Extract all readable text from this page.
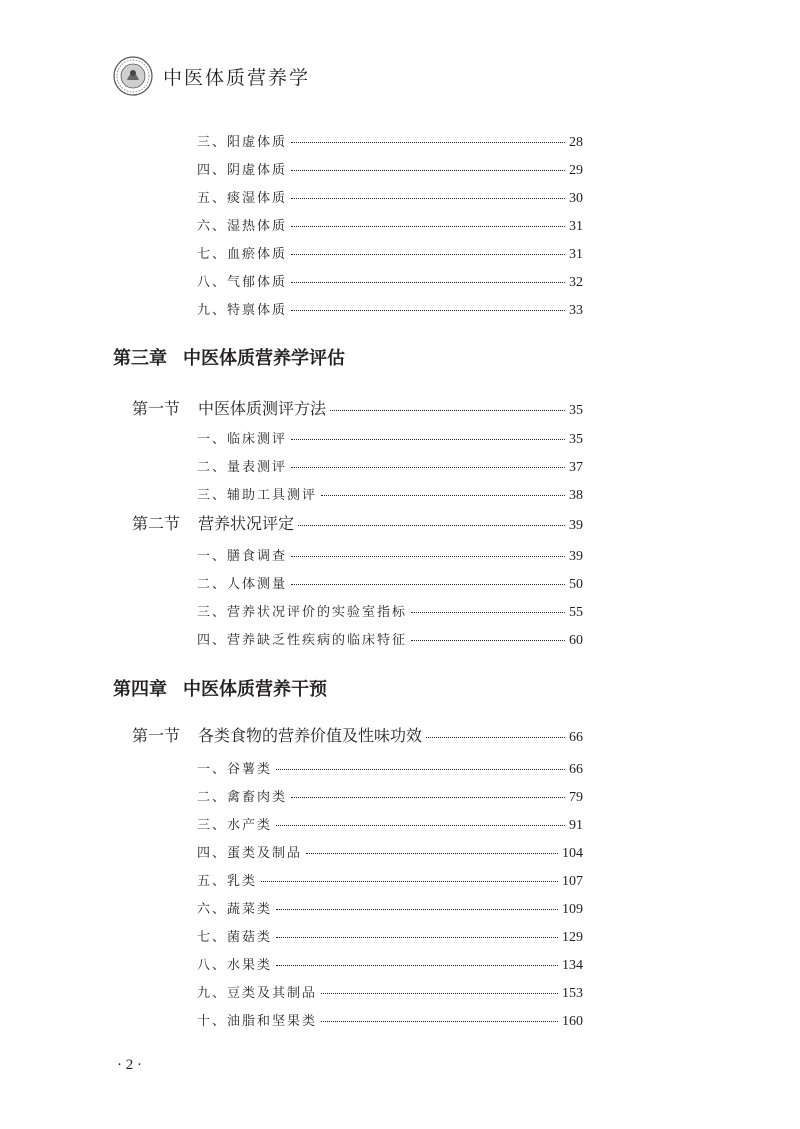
中医体质营养学
三、阳虚体质	28
四、阴虚体质	29
五、痰湿体质	30
六、湿热体质	31
七、血瘀体质	31
八、气郁体质	32
九、特禀体质	33
第三章 中医体质营养学评估
第一节 中医体质测评方法	35
一、临床测评	35
二、量表测评	37
三、辅助工具测评	38
第二节 营养状况评定	39
一、膳食调查	39
二、人体测量	50
三、营养状况评价的实验室指标	55
四、营养缺乏性疾病的临床特征	60
第四章 中医体质营养干预
第一节 各类食物的营养价值及性味功效	66
一、谷薯类	66
二、禽畜肉类	79
三、水产类	91
四、蛋类及制品	104
五、乳类	107
六、蔬菜类	109
七、菌菇类	129
八、水果类	134
九、豆类及其制品	153
十、油脂和坚果类	160
· 2 ·
